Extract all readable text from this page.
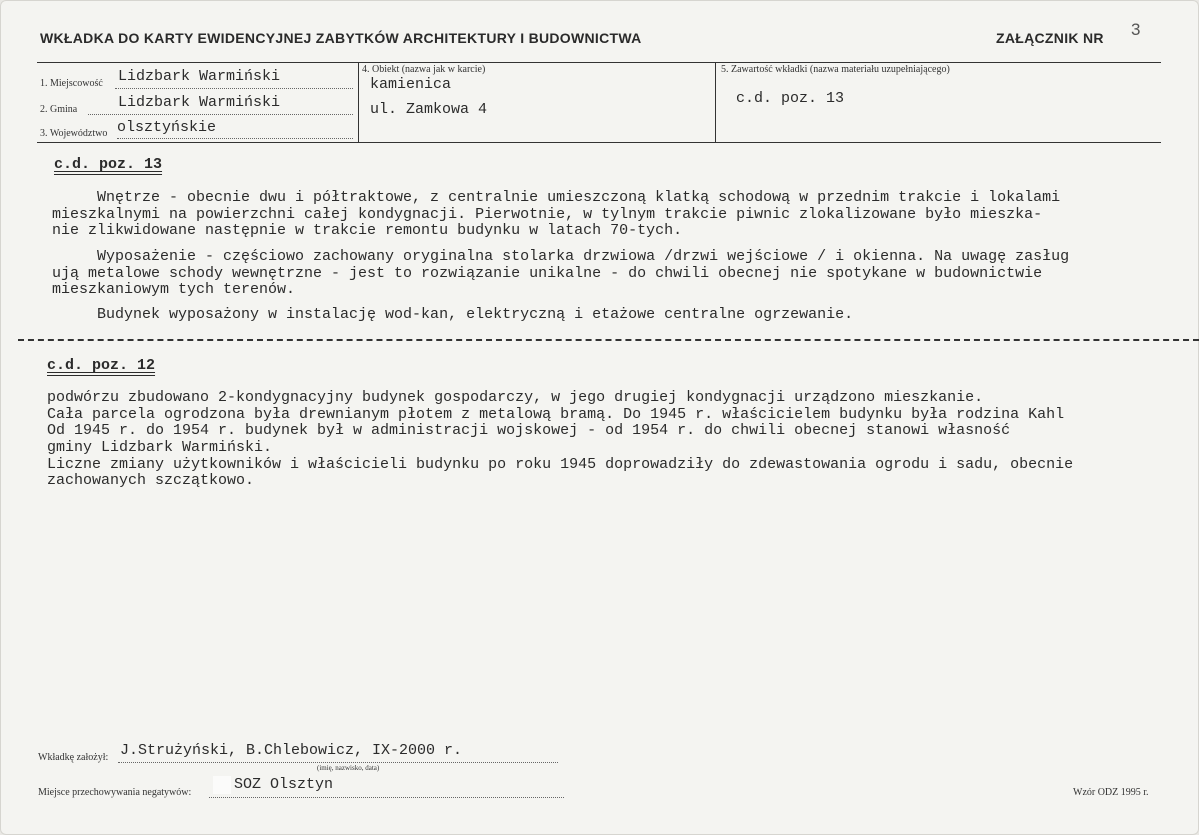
WKŁADKA DO KARTY EWIDENCYJNEJ ZABYTKÓW ARCHITEKTURY I BUDOWNICTWA	ZAŁĄCZNIK NR 3
1. Miejscowość Lidzbark Warmiński
2. Gmina	Lidzbark Warmiński
3. Województwo olsztyńskie
4. Obiekt (nazwa jak w karcie)
kamienica
ul. Zamkowa 4
5. Zawartość wkładki (nazwa materiału uzupełniającego)
c.d. poz. 13
c.d. poz. 13
Wnętrze - obecnie dwu i półtraktowe, z centralnie umieszczoną klatką schodową w przednim trakcie i lokalami
mieszkalnymi na powierzchni całej kondygnacji. Pierwotnie, w tylnym trakcie piwnic zlokalizowane było mieszka-
nie zlikwidowane następnie w trakcie remontu budynku w latach 70-tych.
Wyposażenie - częściowo zachowany oryginalna stolarka drzwiowa /drzwi wejściowe / i okienna. Na uwagę zasług
ują metalowe schody wewnętrzne - jest to rozwiązanie unikalne - do chwili obecnej nie spotykane w budownictwie
mieszkaniowym tych terenów.
Budynek wyposażony w instalację wod-kan, elektryczną i etażowe centralne ogrzewanie.
c.d. poz. 12
podwórzu zbudowano 2-kondygnacyjny budynek gospodarczy, w jego drugiej kondygnacji urządzono mieszkanie.
Cała parcela ogrodzona była drewnianym płotem z metalową bramą. Do 1945 r. właścicielem budynku była rodzina Kahl
Od 1945 r. do 1954 r. budynek był w administracji wojskowej - od 1954 r. do chwili obecnej stanowi własność
gminy Lidzbark Warmiński.
Liczne zmiany użytkowników i właścicieli budynku po roku 1945 doprowadziły do zdewastowania ogrodu i sadu, obecnie
zachowanych szczątkowo.
Wkładkę założył: J.Strużyński, B.Chlebowicz, IX-2000 r.
(imię, nazwisko, data)
Miejsce przechowywania negatywów:	SOZ Olsztyn	Wzór ODZ 1995 r.
